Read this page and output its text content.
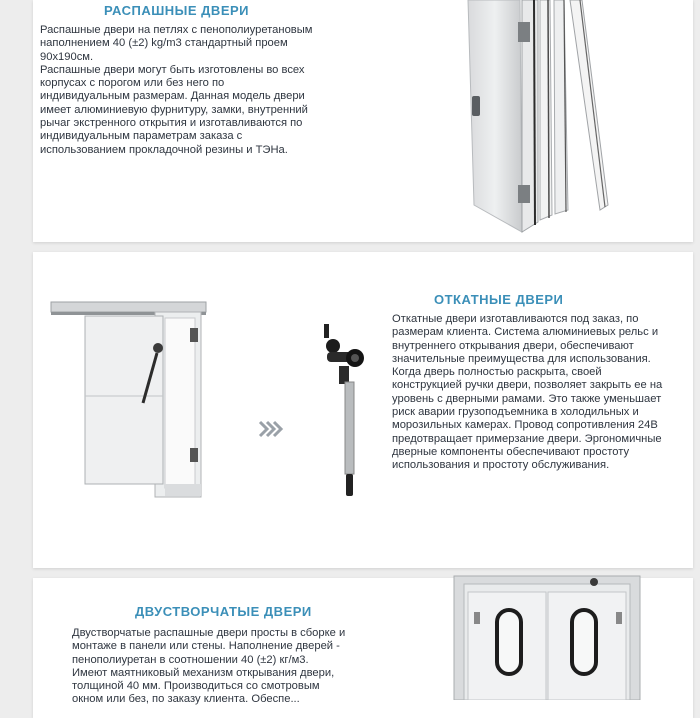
РАСПАШНЫЕ ДВЕРИ

Распашные двери на петлях с пенополиуретановым
наполнением 40 (±2) kg/m3 стандартный проем
90х190см.
Распашные двери могут быть изготовлены во всех
корпусах с порогом или без него по
индивидуальным размерам. Данная модель двери
имеет алюминиевую фурнитуру, замки, внутренний
рычаг экстренного открытия и изготавливаются по
индивидуальным параметрам заказа с
использованием прокладочной резины и ТЭНа.

ОТКАТНЫЕ ДВЕРИ

Откатные двери изготавливаются под заказ, по
размерам клиента. Система алюминиевых рельс и
внутреннего открывания двери, обеспечивают
значительные преимущества для использования.
Когда дверь полностью раскрыта, своей
конструкцией ручки двери, позволяет закрыть ее на
уровень с дверными рамами. Это также уменьшает
риск аварии грузоподъемника в холодильных и
морозильных камерах. Провод сопротивления 24В
предотвращает примерзание двери. Эргономичные
дверные компоненты обеспечивают простоту
использования и простоту обслуживания.

ДВУСТВОРЧАТЫЕ ДВЕРИ

Двустворчатые распашные двери просты в сборке и
монтаже в панели или стены. Наполнение дверей -
пенополиуретан в соотношении 40 (±2) кг/м3.
Имеют маятниковый механизм открывания двери,
толщиной 40 мм. Производиться со смотровым
окном или без, по заказу клиента. Обеспе...
